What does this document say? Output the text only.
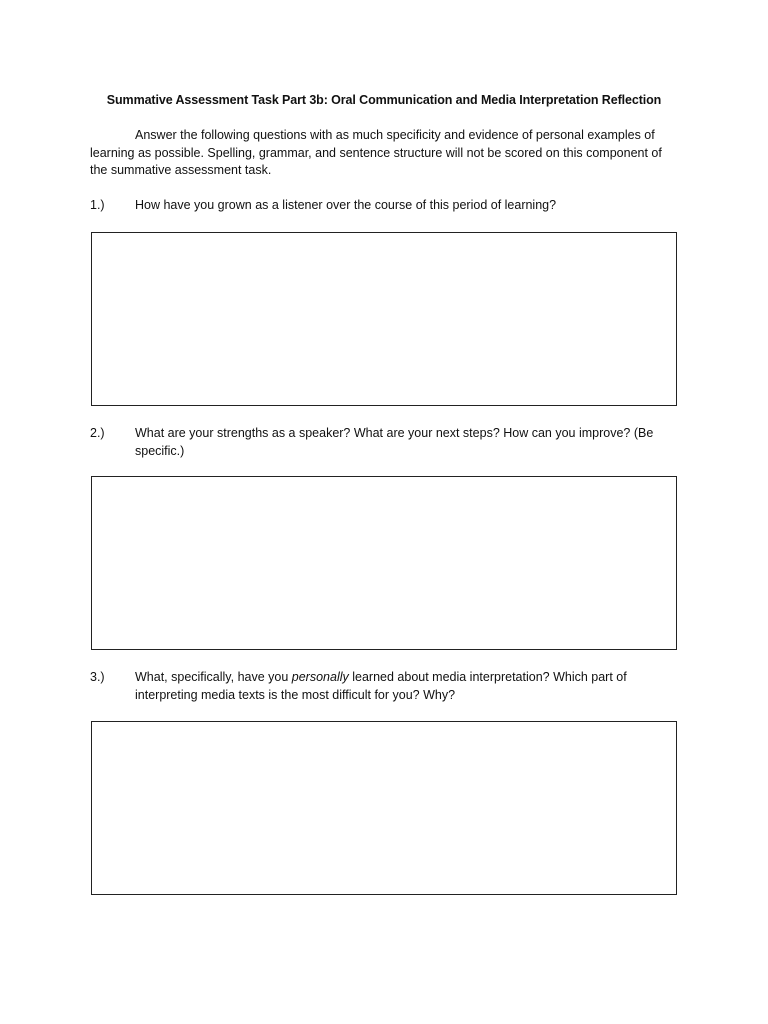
Summative Assessment Task Part 3b: Oral Communication and Media Interpretation Reflection
Answer the following questions with as much specificity and evidence of personal examples of learning as possible. Spelling, grammar, and sentence structure will not be scored on this component of the summative assessment task.
1.) How have you grown as a listener over the course of this period of learning?
2.) What are your strengths as a speaker? What are your next steps? How can you improve? (Be specific.)
3.) What, specifically, have you personally learned about media interpretation? Which part of interpreting media texts is the most difficult for you? Why?
